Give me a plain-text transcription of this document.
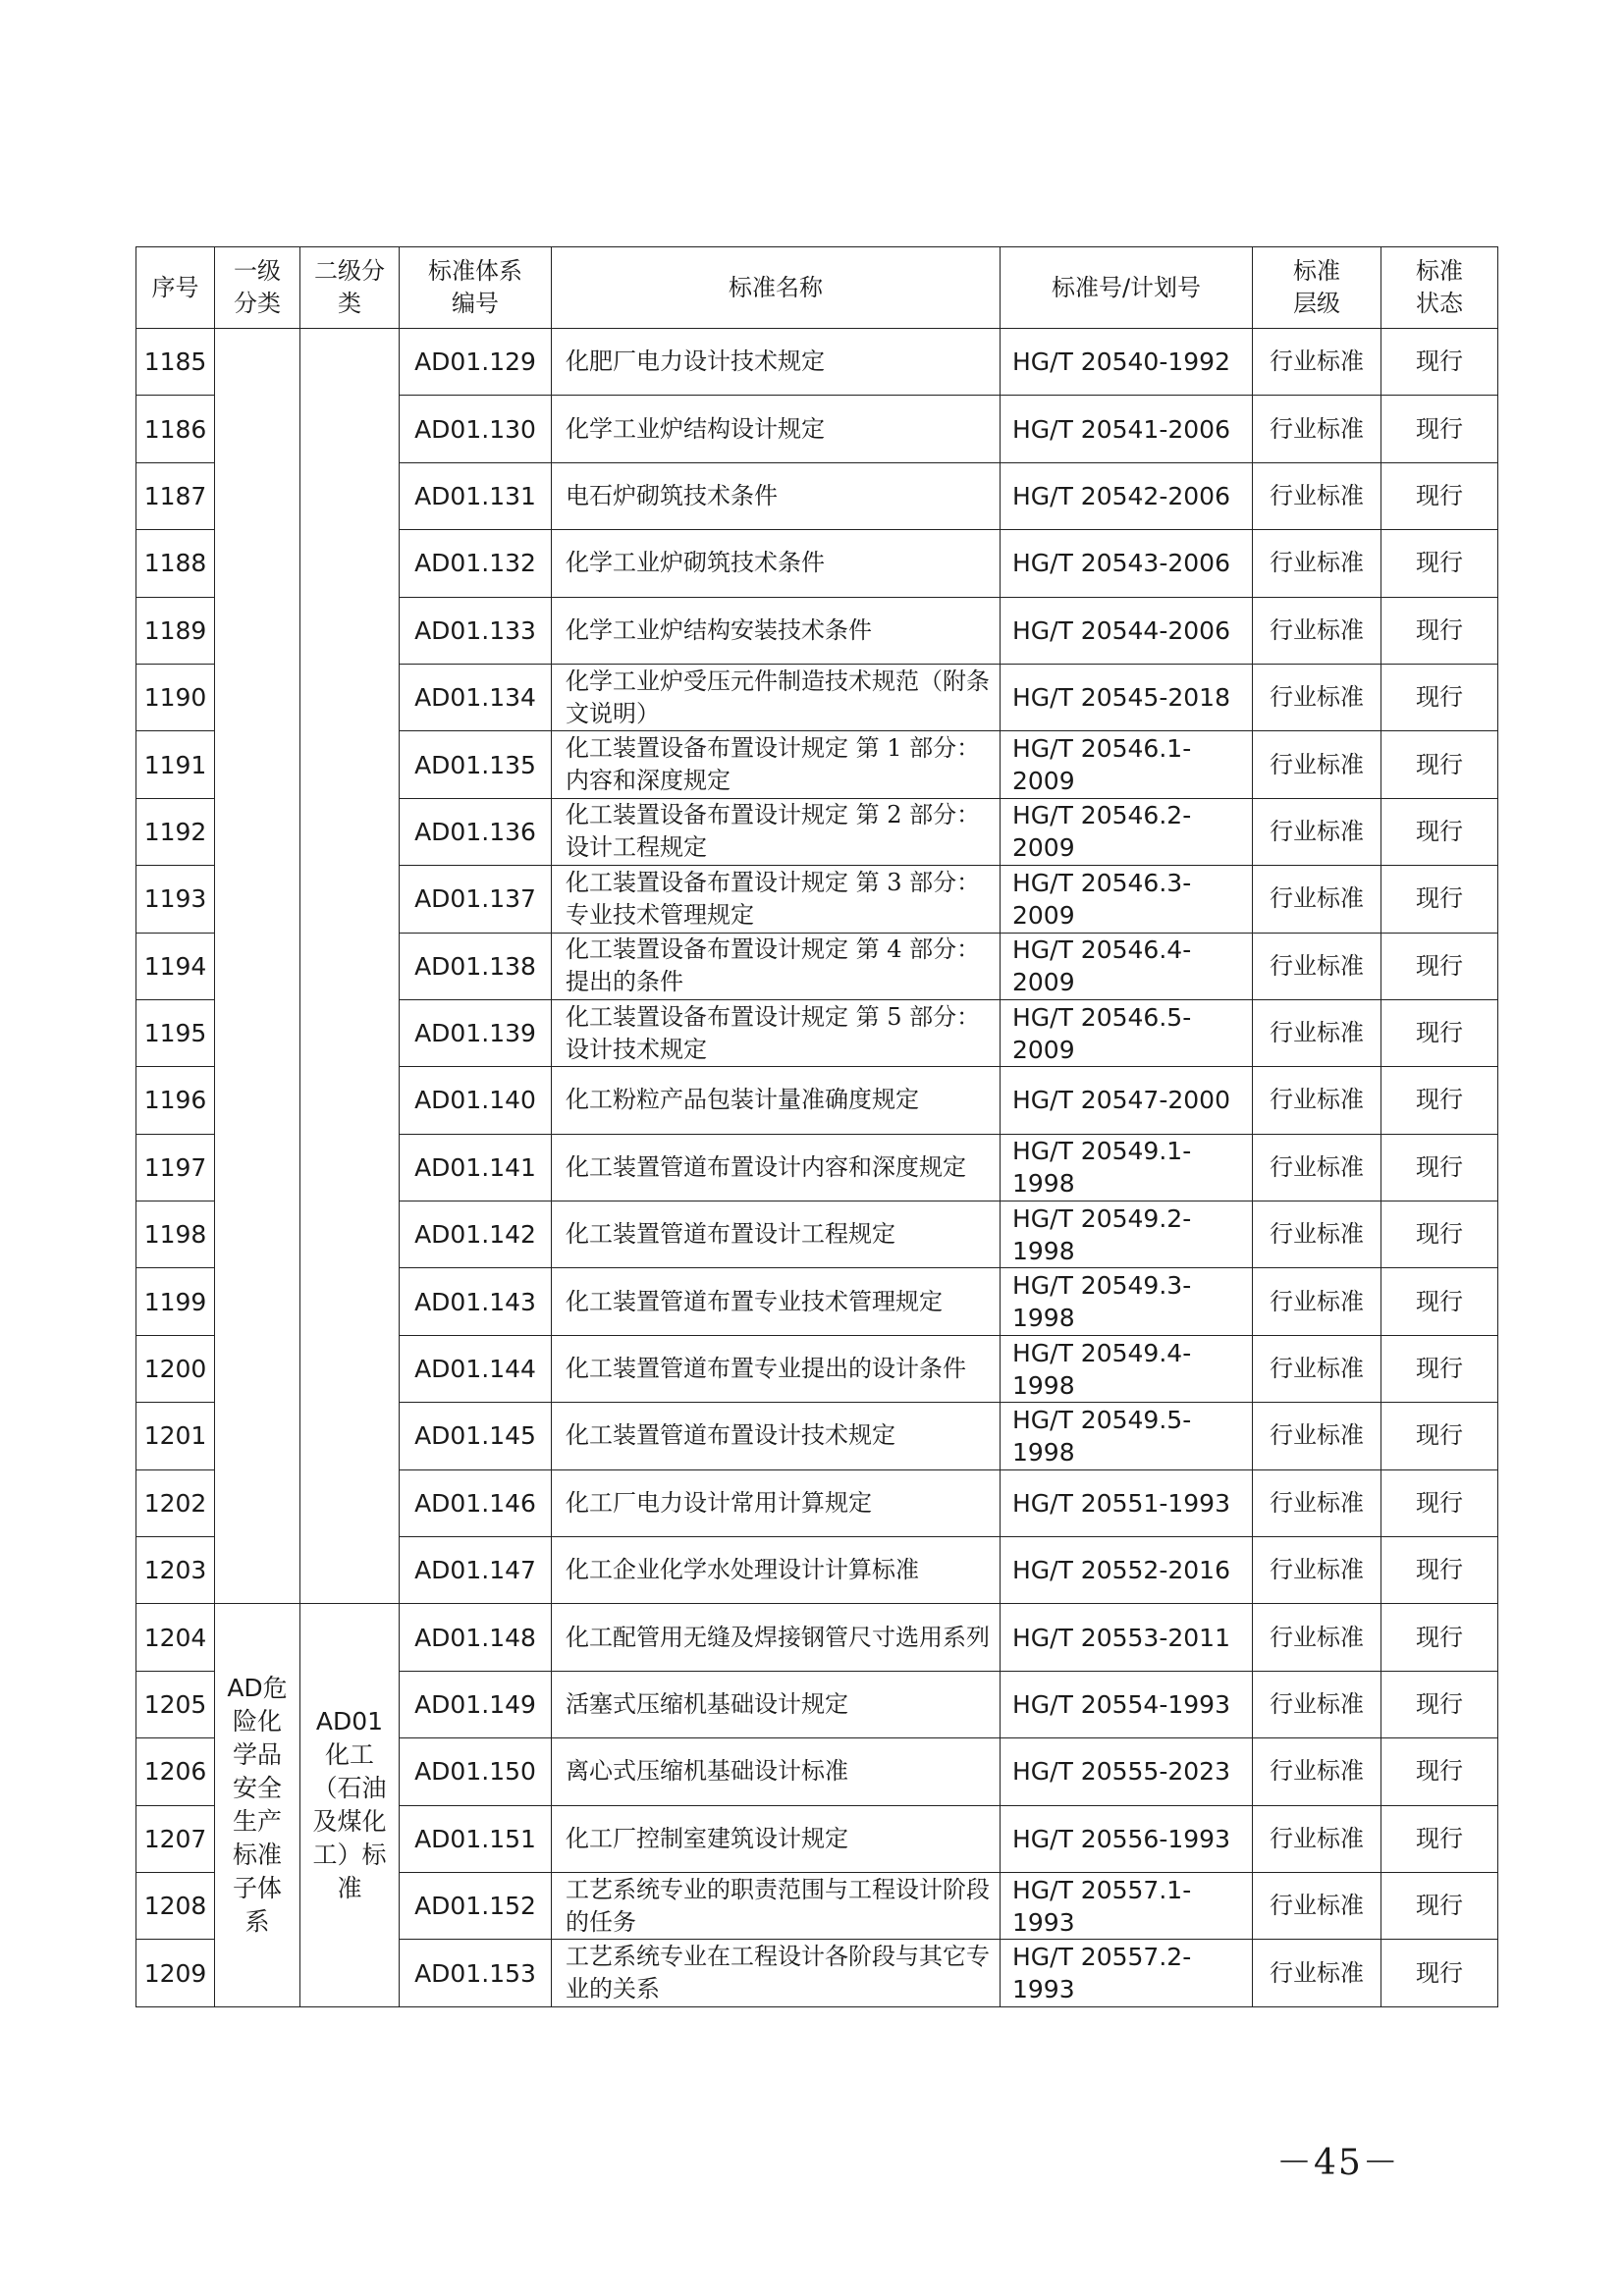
序号	一级分类	二级分类	标准体系编号	标准名称	标准号/计划号	标准层级	标准状态
1185			AD01.129	化肥厂电力设计技术规定	HG/T 20540-1992	行业标准	现行
1186			AD01.130	化学工业炉结构设计规定	HG/T 20541-2006	行业标准	现行
1187			AD01.131	电石炉砌筑技术条件	HG/T 20542-2006	行业标准	现行
1188			AD01.132	化学工业炉砌筑技术条件	HG/T 20543-2006	行业标准	现行
1189			AD01.133	化学工业炉结构安装技术条件	HG/T 20544-2006	行业标准	现行
1190			AD01.134	化学工业炉受压元件制造技术规范（附条文说明）	HG/T 20545-2018	行业标准	现行
1191			AD01.135	化工装置设备布置设计规定 第 1 部分：内容和深度规定	HG/T 20546.1-2009	行业标准	现行
1192			AD01.136	化工装置设备布置设计规定 第 2 部分：设计工程规定	HG/T 20546.2-2009	行业标准	现行
1193			AD01.137	化工装置设备布置设计规定 第 3 部分：专业技术管理规定	HG/T 20546.3-2009	行业标准	现行
1194			AD01.138	化工装置设备布置设计规定 第 4 部分：提出的条件	HG/T 20546.4-2009	行业标准	现行
1195			AD01.139	化工装置设备布置设计规定 第 5 部分：设计技术规定	HG/T 20546.5-2009	行业标准	现行
1196			AD01.140	化工粉粒产品包装计量准确度规定	HG/T 20547-2000	行业标准	现行
1197			AD01.141	化工装置管道布置设计内容和深度规定	HG/T 20549.1-1998	行业标准	现行
1198			AD01.142	化工装置管道布置设计工程规定	HG/T 20549.2-1998	行业标准	现行
1199			AD01.143	化工装置管道布置专业技术管理规定	HG/T 20549.3-1998	行业标准	现行
1200			AD01.144	化工装置管道布置专业提出的设计条件	HG/T 20549.4-1998	行业标准	现行
1201			AD01.145	化工装置管道布置设计技术规定	HG/T 20549.5-1998	行业标准	现行
1202			AD01.146	化工厂电力设计常用计算规定	HG/T 20551-1993	行业标准	现行
1203			AD01.147	化工企业化学水处理设计计算标准	HG/T 20552-2016	行业标准	现行
1204	AD危险化学品安全生产标准子体系	AD01化工（石油及煤化工）标准	AD01.148	化工配管用无缝及焊接钢管尺寸选用系列	HG/T 20553-2011	行业标准	现行
1205			AD01.149	活塞式压缩机基础设计规定	HG/T 20554-1993	行业标准	现行
1206			AD01.150	离心式压缩机基础设计标准	HG/T 20555-2023	行业标准	现行
1207			AD01.151	化工厂控制室建筑设计规定	HG/T 20556-1993	行业标准	现行
1208			AD01.152	工艺系统专业的职责范围与工程设计阶段的任务	HG/T 20557.1-1993	行业标准	现行
1209			AD01.153	工艺系统专业在工程设计各阶段与其它专业的关系	HG/T 20557.2-1993	行业标准	现行
－45－
